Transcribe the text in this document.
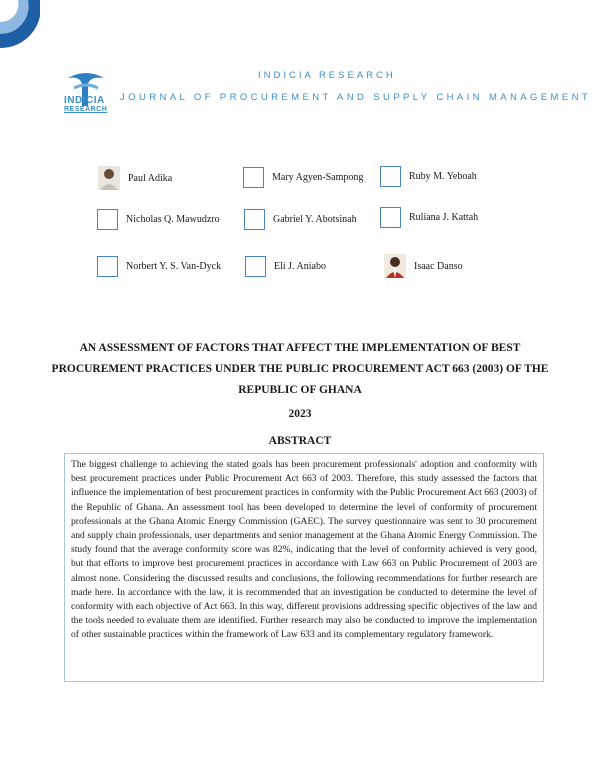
INDICIA
RESEARCH
INDICIA RESEARCH
JOURNAL OF PROCUREMENT AND SUPPLY CHAIN MANAGEMENT
Paul Adika	Mary Agyen-Sampong	Ruby M. Yeboah
Nicholas Q. Mawudzro	Gabriel Y. Abotsinah	Ruliana J. Kattah
Norbert Y. S. Van-Dyck	Eli J. Aniabo	Isaac Danso
AN ASSESSMENT OF FACTORS THAT AFFECT THE IMPLEMENTATION OF BEST PROCUREMENT PRACTICES UNDER THE PUBLIC PROCUREMENT ACT 663 (2003) OF THE REPUBLIC OF GHANA
2023
ABSTRACT
The biggest challenge to achieving the stated goals has been procurement professionals' adoption and conformity with best procurement practices under Public Procurement Act 663 of 2003. Therefore, this study assessed the factors that influence the implementation of best procurement practices in conformity with the Public Procurement Act 663 (2003) of the Republic of Ghana. An assessment tool has been developed to determine the level of conformity of procurement professionals at the Ghana Atomic Energy Commission (GAEC). The survey questionnaire was sent to 30 procurement and supply chain professionals, user departments and senior management at the Ghana Atomic Energy Commission. The study found that the average conformity score was 82%, indicating that the level of conformity achieved is very good, but that efforts to improve best procurement practices in accordance with Law 663 on Public Procurement of 2003 are almost none. Considering the discussed results and conclusions, the following recommendations for further research are made here. In accordance with the law, it is recommended that an investigation be conducted to determine the level of conformity with each objective of Act 663. In this way, different provisions addressing specific objectives of the law and the tools needed to evaluate them are identified. Further research may also be conducted to improve the implementation of other sustainable practices within the framework of Law 633 and its complementary regulatory framework.
